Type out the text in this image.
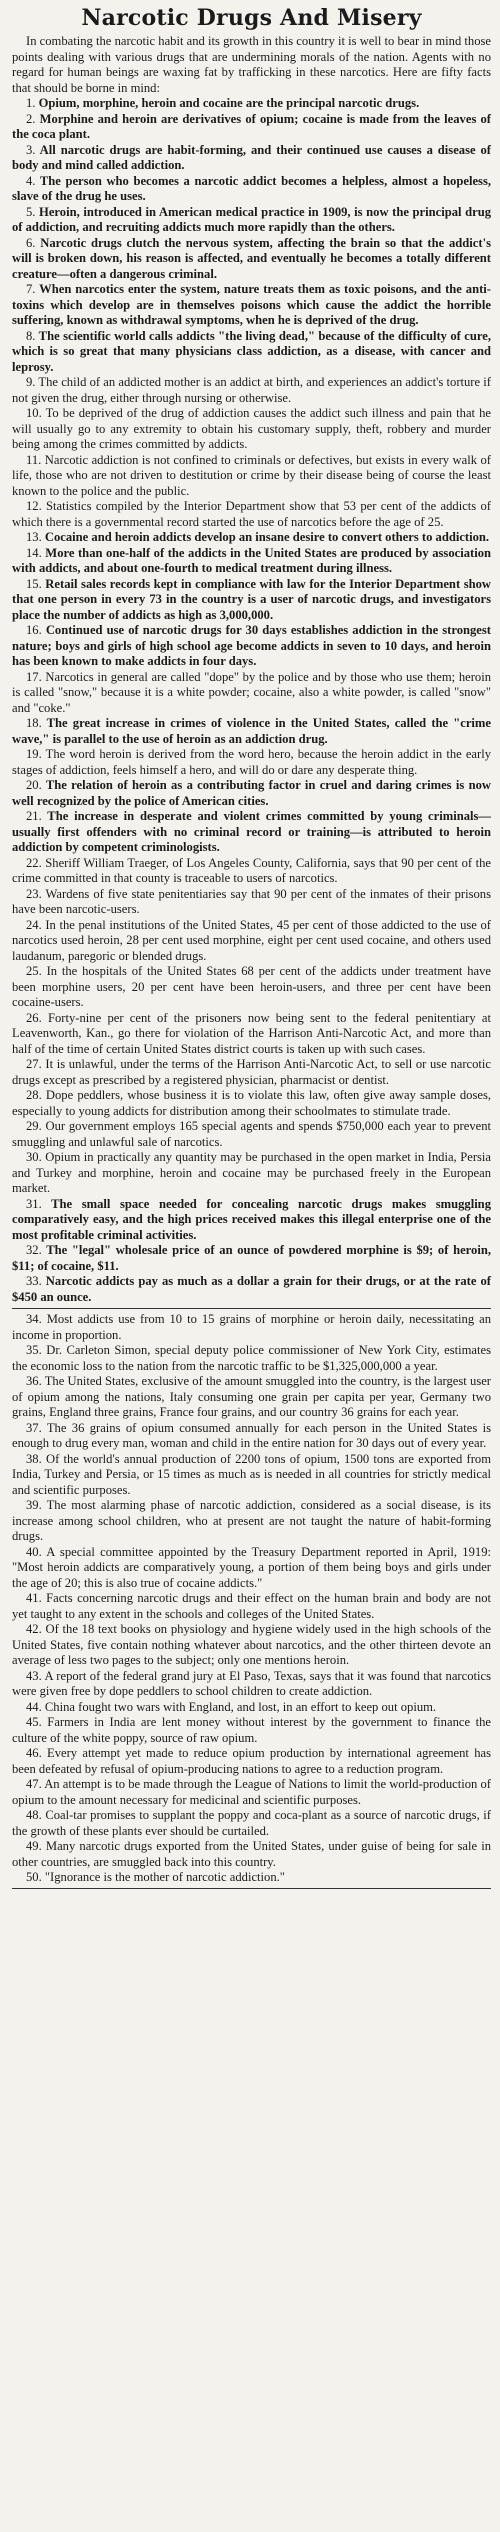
Narcotic Drugs And Misery

In combating the narcotic habit and its growth in this country it is well to bear in mind those points dealing with various drugs that are undermining morals of the nation. Agents with no regard for human beings are waxing fat by trafficking in these narcotics. Here are fifty facts that should be borne in mind:

1. Opium, morphine, heroin and cocaine are the principal narcotic drugs.

2. Morphine and heroin are derivatives of opium; cocaine is made from the leaves of the coca plant.

3. All narcotic drugs are habit-forming, and their continued use causes a disease of body and mind called addiction.

4. The person who becomes a narcotic addict becomes a helpless, almost a hopeless, slave of the drug he uses.

5. Heroin, introduced in American medical practice in 1909, is now the principal drug of addiction, and recruiting addicts much more rapidly than the others.

6. Narcotic drugs clutch the nervous system, affecting the brain so that the addict's will is broken down, his reason is affected, and eventually he becomes a totally different creature—often a dangerous criminal.

7. When narcotics enter the system, nature treats them as toxic poisons, and the anti-toxins which develop are in themselves poisons which cause the addict the horrible suffering, known as withdrawal symptoms, when he is deprived of the drug.

8. The scientific world calls addicts "the living dead," because of the difficulty of cure, which is so great that many physicians class addiction, as a disease, with cancer and leprosy.

9. The child of an addicted mother is an addict at birth, and experiences an addict's torture if not given the drug, either through nursing or otherwise.

10. To be deprived of the drug of addiction causes the addict such illness and pain that he will usually go to any extremity to obtain his customary supply, theft, robbery and murder being among the crimes committed by addicts.

11. Narcotic addiction is not confined to criminals or defectives, but exists in every walk of life, those who are not driven to destitution or crime by their disease being of course the least known to the police and the public.

12. Statistics compiled by the Interior Department show that 53 per cent of the addicts of which there is a governmental record started the use of narcotics before the age of 25.

13. Cocaine and heroin addicts develop an insane desire to convert others to addiction.

14. More than one-half of the addicts in the United States are produced by association with addicts, and about one-fourth to medical treatment during illness.

15. Retail sales records kept in compliance with law for the Interior Department show that one person in every 73 in the country is a user of narcotic drugs, and investigators place the number of addicts as high as 3,000,000.

16. Continued use of narcotic drugs for 30 days establishes addiction in the strongest nature; boys and girls of high school age become addicts in seven to 10 days, and heroin has been known to make addicts in four days.

17. Narcotics in general are called "dope" by the police and by those who use them; heroin is called "snow," because it is a white powder; cocaine, also a white powder, is called "snow" and "coke."

18. The great increase in crimes of violence in the United States, called the "crime wave," is parallel to the use of heroin as an addiction drug.

19. The word heroin is derived from the word hero, because the heroin addict in the early stages of addiction, feels himself a hero, and will do or dare any desperate thing.

20. The relation of heroin as a contributing factor in cruel and daring crimes is now well recognized by the police of American cities.

21. The increase in desperate and violent crimes committed by young criminals—usually first offenders with no criminal record or training—is attributed to heroin addiction by competent criminologists.

22. Sheriff William Traeger, of Los Angeles County, California, says that 90 per cent of the crime committed in that county is traceable to users of narcotics.

23. Wardens of five state penitentiaries say that 90 per cent of the inmates of their prisons have been narcotic-users.

24. In the penal institutions of the United States, 45 per cent of those addicted to the use of narcotics used heroin, 28 per cent used morphine, eight per cent used cocaine, and others used laudanum, paregoric or blended drugs.

25. In the hospitals of the United States 68 per cent of the addicts under treatment have been morphine users, 20 per cent have been heroin-users, and three per cent have been cocaine-users.

26. Forty-nine per cent of the prisoners now being sent to the federal penitentiary at Leavenworth, Kan., go there for violation of the Harrison Anti-Narcotic Act, and more than half of the time of certain United States district courts is taken up with such cases.

27. It is unlawful, under the terms of the Harrison Anti-Narcotic Act, to sell or use narcotic drugs except as prescribed by a registered physician, pharmacist or dentist.

28. Dope peddlers, whose business it is to violate this law, often give away sample doses, especially to young addicts for distribution among their schoolmates to stimulate trade.

29. Our government employs 165 special agents and spends $750,000 each year to prevent smuggling and unlawful sale of narcotics.

30. Opium in practically any quantity may be purchased in the open market in India, Persia and Turkey and morphine, heroin and cocaine may be purchased freely in the European market.

31. The small space needed for concealing narcotic drugs makes smuggling comparatively easy, and the high prices received makes this illegal enterprise one of the most profitable criminal activities.

32. The "legal" wholesale price of an ounce of powdered morphine is $9; of heroin, $11; of cocaine, $11.

33. Narcotic addicts pay as much as a dollar a grain for their drugs, or at the rate of $450 an ounce.

34. Most addicts use from 10 to 15 grains of morphine or heroin daily, necessitating an income in proportion.

35. Dr. Carleton Simon, special deputy police commissioner of New York City, estimates the economic loss to the nation from the narcotic traffic to be $1,325,000,000 a year.

36. The United States, exclusive of the amount smuggled into the country, is the largest user of opium among the nations, Italy consuming one grain per capita per year, Germany two grains, England three grains, France four grains, and our country 36 grains for each year.

37. The 36 grains of opium consumed annually for each person in the United States is enough to drug every man, woman and child in the entire nation for 30 days out of every year.

38. Of the world's annual production of 2200 tons of opium, 1500 tons are exported from India, Turkey and Persia, or 15 times as much as is needed in all countries for strictly medical and scientific purposes.

39. The most alarming phase of narcotic addiction, considered as a social disease, is its increase among school children, who at present are not taught the nature of habit-forming drugs.

40. A special committee appointed by the Treasury Department reported in April, 1919: "Most heroin addicts are comparatively young, a portion of them being boys and girls under the age of 20; this is also true of cocaine addicts."

41. Facts concerning narcotic drugs and their effect on the human brain and body are not yet taught to any extent in the schools and colleges of the United States.

42. Of the 18 text books on physiology and hygiene widely used in the high schools of the United States, five contain nothing whatever about narcotics, and the other thirteen devote an average of less two pages to the subject; only one mentions heroin.

43. A report of the federal grand jury at El Paso, Texas, says that it was found that narcotics were given free by dope peddlers to school children to create addiction.

44. China fought two wars with England, and lost, in an effort to keep out opium.

45. Farmers in India are lent money without interest by the government to finance the culture of the white poppy, source of raw opium.

46. Every attempt yet made to reduce opium production by international agreement has been defeated by refusal of opium-producing nations to agree to a reduction program.

47. An attempt is to be made through the League of Nations to limit the world-production of opium to the amount necessary for medicinal and scientific purposes.

48. Coal-tar promises to supplant the poppy and coca-plant as a source of narcotic drugs, if the growth of these plants ever should be curtailed.

49. Many narcotic drugs exported from the United States, under guise of being for sale in other countries, are smuggled back into this country.

50. "Ignorance is the mother of narcotic addiction."
